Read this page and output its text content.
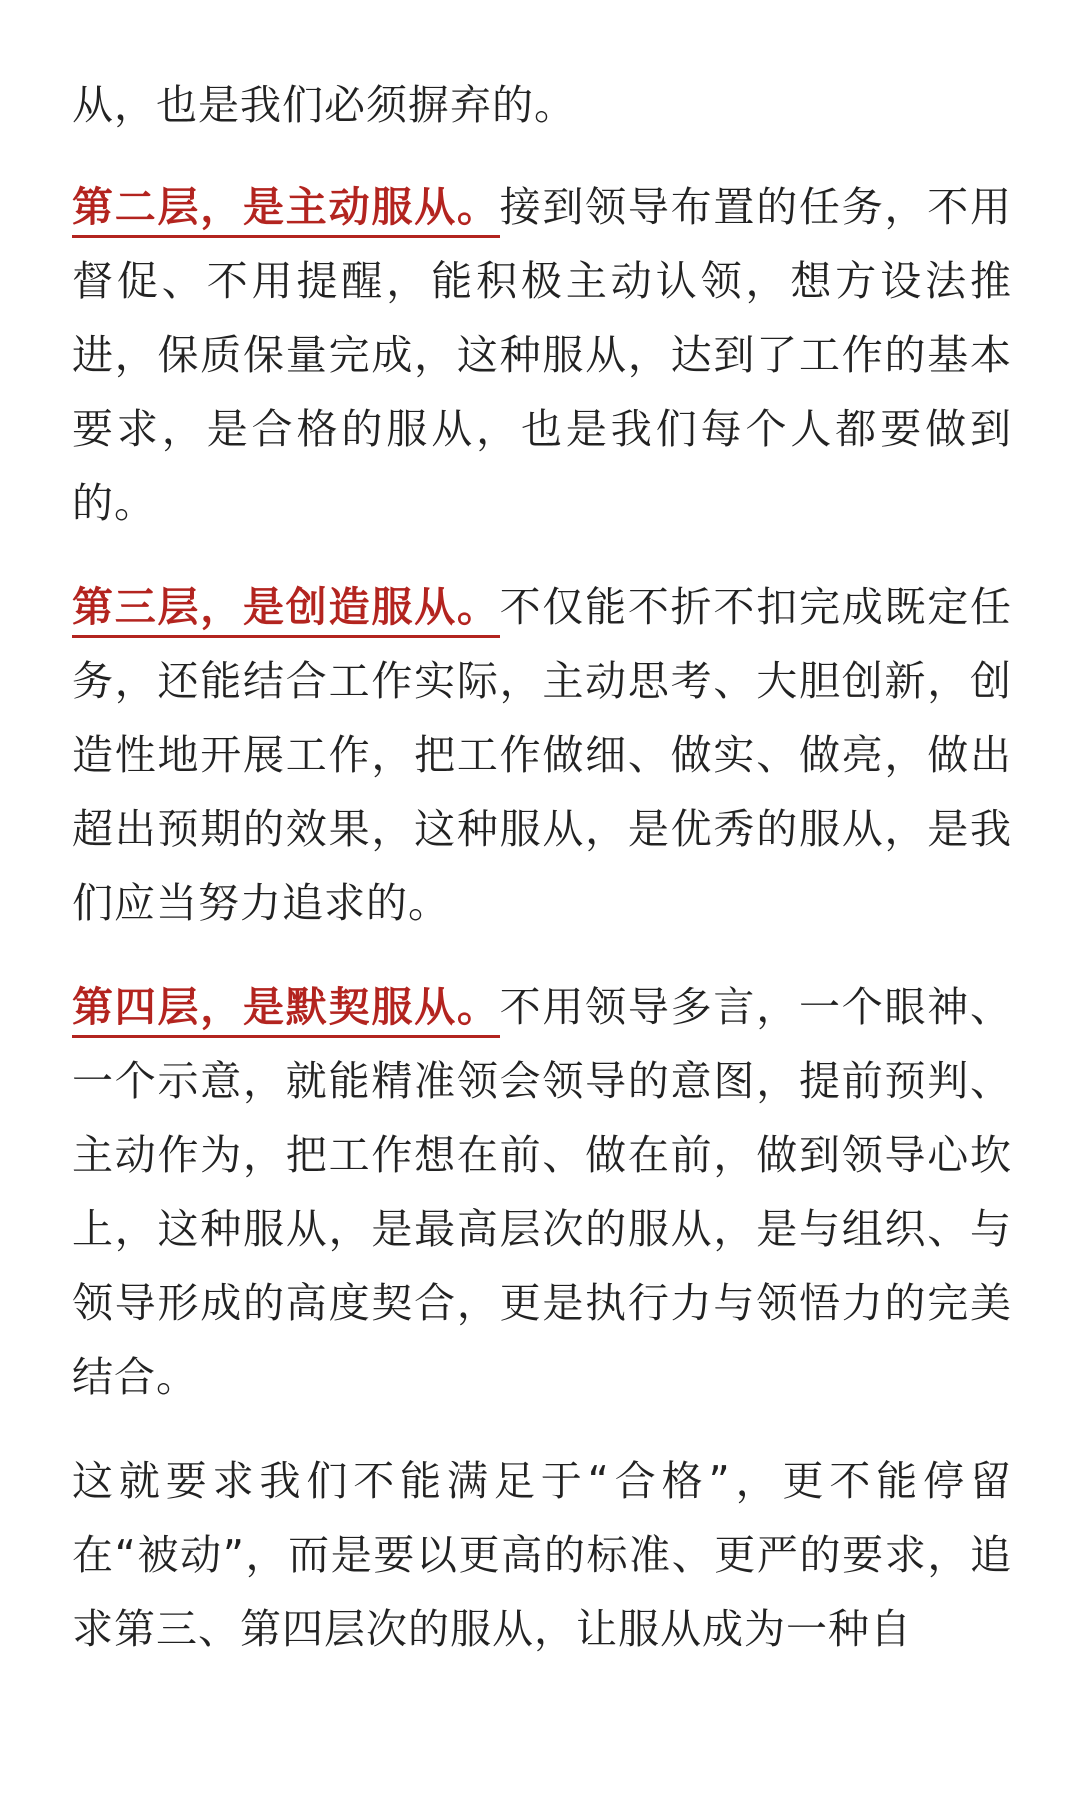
从，也是我们必须摒弃的。

第二层，是主动服从。接到领导布置的任务，不用督促、不用提醒，能积极主动认领，想方设法推进，保质保量完成，这种服从，达到了工作的基本要求，是合格的服从，也是我们每个人都要做到的。

第三层，是创造服从。不仅能不折不扣完成既定任务，还能结合工作实际，主动思考、大胆创新，创造性地开展工作，把工作做细、做实、做亮，做出超出预期的效果，这种服从，是优秀的服从，是我们应当努力追求的。

第四层，是默契服从。不用领导多言，一个眼神、一个示意，就能精准领会领导的意图，提前预判、主动作为，把工作想在前、做在前，做到领导心坎上，这种服从，是最高层次的服从，是与组织、与领导形成的高度契合，更是执行力与领悟力的完美结合。

这就要求我们不能满足于“合格”，更不能停留在“被动”，而是要以更高的标准、更严的要求，追求第三、第四层次的服从，让服从成为一种自
